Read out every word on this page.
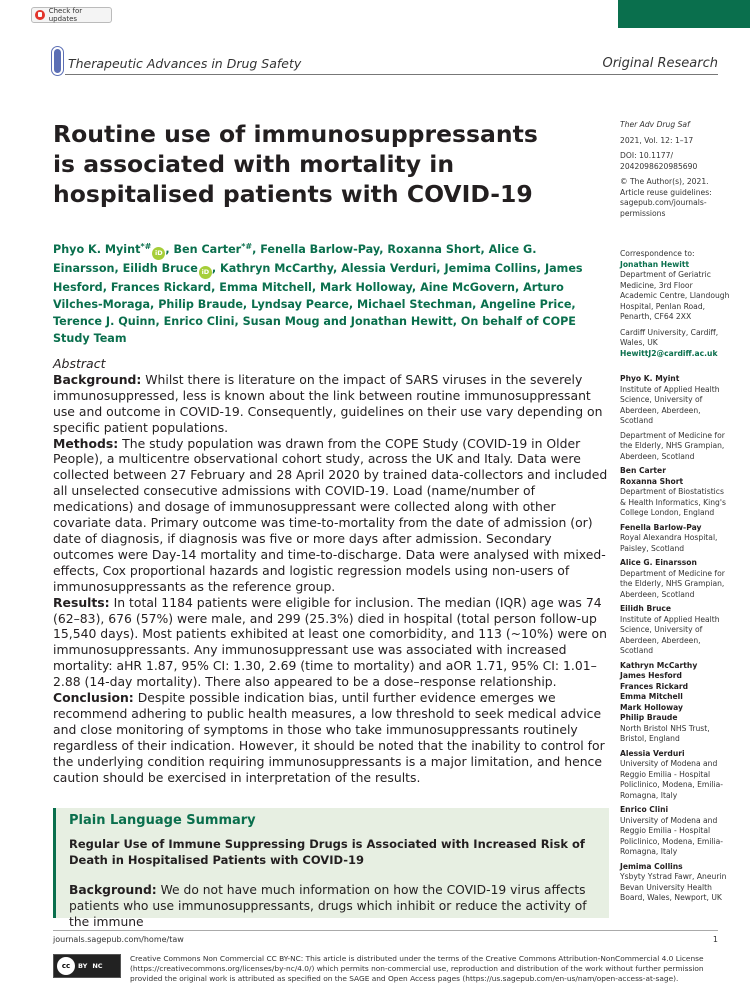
Check for updates
Therapeutic Advances in Drug Safety	Original Research
Routine use of immunosuppressants is associated with mortality in hospitalised patients with COVID-19
Phyo K. Myint*#iD , Ben Carter*#, Fenella Barlow-Pay, Roxanna Short, Alice G. Einarsson, Eilidh Bruce iD , Kathryn McCarthy, Alessia Verduri, Jemima Collins, James Hesford, Frances Rickard, Emma Mitchell, Mark Holloway, Aine McGovern, Arturo Vilches-Moraga, Philip Braude, Lyndsay Pearce, Michael Stechman, Angeline Price, Terence J. Quinn, Enrico Clini, Susan Moug and Jonathan Hewitt, On behalf of COPE Study Team
Abstract

Background: Whilst there is literature on the impact of SARS viruses in the severely immunosuppressed, less is known about the link between routine immunosuppressant use and outcome in COVID-19. Consequently, guidelines on their use vary depending on specific patient populations.

Methods: The study population was drawn from the COPE Study (COVID-19 in Older People), a multicentre observational cohort study, across the UK and Italy. Data were collected between 27 February and 28 April 2020 by trained data-collectors and included all unselected consecutive admissions with COVID-19. Load (name/number of medications) and dosage of immunosuppressant were collected along with other covariate data. Primary outcome was time-to-mortality from the date of admission (or) date of diagnosis, if diagnosis was five or more days after admission. Secondary outcomes were Day-14 mortality and time-to-discharge. Data were analysed with mixed-effects, Cox proportional hazards and logistic regression models using non-users of immunosuppressants as the reference group.

Results: In total 1184 patients were eligible for inclusion. The median (IQR) age was 74 (62–83), 676 (57%) were male, and 299 (25.3%) died in hospital (total person follow-up 15,540 days). Most patients exhibited at least one comorbidity, and 113 (~10%) were on immunosuppressants. Any immunosuppressant use was associated with increased mortality: aHR 1.87, 95% CI: 1.30, 2.69 (time to mortality) and aOR 1.71, 95% CI: 1.01–2.88 (14-day mortality). There also appeared to be a dose–response relationship.

Conclusion: Despite possible indication bias, until further evidence emerges we recommend adhering to public health measures, a low threshold to seek medical advice and close monitoring of symptoms in those who take immunosuppressants routinely regardless of their indication. However, it should be noted that the inability to control for the underlying condition requiring immunosuppressants is a major limitation, and hence caution should be exercised in interpretation of the results.

Plain Language Summary
Regular Use of Immune Suppressing Drugs is Associated with Increased Risk of Death in Hospitalised Patients with COVID-19
Background: We do not have much information on how the COVID-19 virus affects patients who use immunosuppressants, drugs which inhibit or reduce the activity of the immune
Ther Adv Drug Saf
2021, Vol. 12: 1–17
DOI: 10.1177/ 2042098620985690
© The Author(s), 2021. Article reuse guidelines: sagepub.com/journals-permissions
Correspondence to:
Jonathan Hewitt
Department of Geriatric Medicine, 3rd Floor Academic Centre, Llandough Hospital, Penlan Road, Penarth, CF64 2XX
Cardiff University, Cardiff, Wales, UK
HewittJ2@cardiff.ac.uk
Phyo K. Myint
Institute of Applied Health Science, University of Aberdeen, Aberdeen, Scotland
Department of Medicine for the Elderly, NHS Grampian, Aberdeen, Scotland
Ben Carter
Roxanna Short
Department of Biostatistics & Health Informatics, King's College London, England
Fenella Barlow-Pay
Royal Alexandra Hospital, Paisley, Scotland
Alice G. Einarsson
Department of Medicine for the Elderly, NHS Grampian, Aberdeen, Scotland
Eilidh Bruce
Institute of Applied Health Science, University of Aberdeen, Aberdeen, Scotland
Kathryn McCarthy
James Hesford
Frances Rickard
Emma Mitchell
Mark Holloway
Philip Braude
North Bristol NHS Trust, Bristol, England
Alessia Verduri
University of Modena and Reggio Emilia - Hospital Policlinico, Modena, Emilia-Romagna, Italy
Enrico Clini
University of Modena and Reggio Emilia - Hospital Policlinico, Modena, Emilia-Romagna, Italy
Jemima Collins
Ysbyty Ystrad Fawr, Aneurin Bevan University Health Board, Wales, Newport, UK
journals.sagepub.com/home/taw	1
cc	BY NC
Creative Commons Non Commercial CC BY-NC: This article is distributed under the terms of the Creative Commons Attribution-NonCommercial 4.0 License (https://creativecommons.org/licenses/by-nc/4.0/) which permits non-commercial use, reproduction and distribution of the work without further permission provided the original work is attributed as specified on the SAGE and Open Access pages (https://us.sagepub.com/en-us/nam/open-access-at-sage).
